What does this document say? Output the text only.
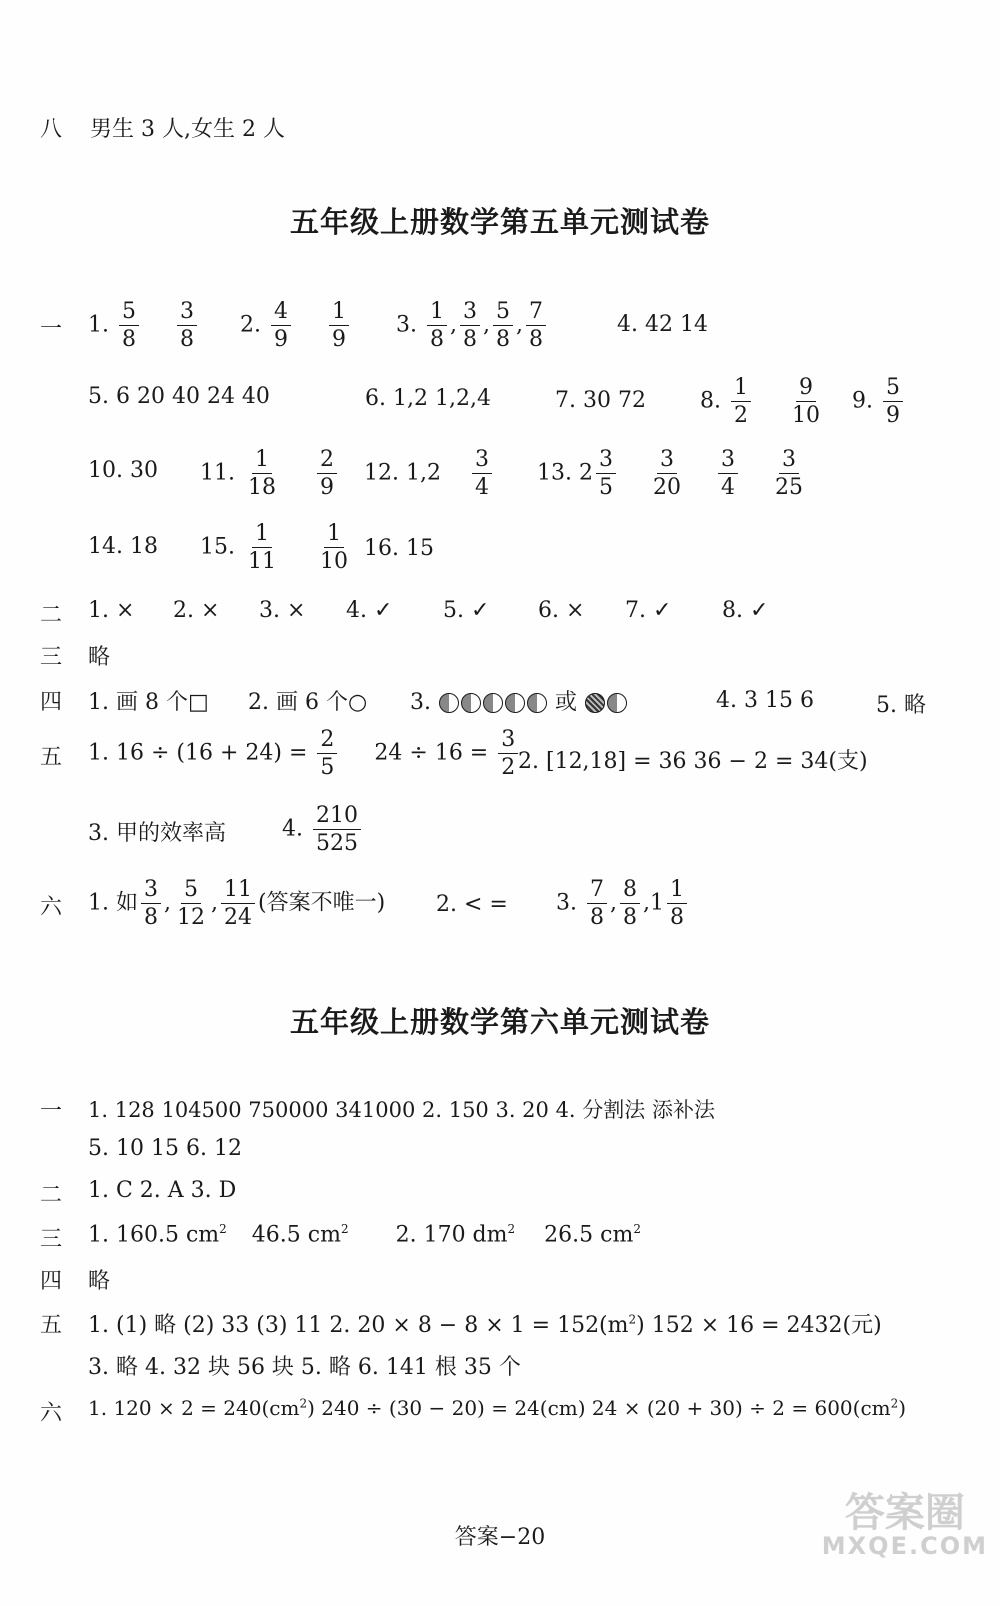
八 男生 3 人,女生 2 人
五年级上册数学第五单元测试卷
一 1. $\frac{5}{8}$
$\frac{3}{8} 2$. $\frac{4}{9}$
$\frac{1}{9} 3$. $\frac{1}{8}$ , $\frac{3}{8}$ , $\frac{5}{8}$ , $\frac{7}{8}$	4. 42 14
5. 6 20 40 24 40	6. 1,2 1,2,4	7. 30 72 8. $\frac{1}{2}$
$\frac{9}{10} 9$. $\frac{5}{9}$
10. 30 11. $\frac{1}{18}$
$\frac{2}{9} 12$. $1,2 \frac{3}{4} 13$. $2 \frac{3}{5}$
$\frac{3}{20}$
$\frac{3}{4}$
$\frac{3}{25}$
14. 18 15. $\frac{1}{11}$
$\frac{1}{10} 16$. 15
二 1. × 2. × 3. × 4. ✓ 5. ✓ 6. × 7. ✓ 8. ✓
三 略
四 1. 画 8 个□ 2. 画 6 个○ 3.	或	4. 3 15 6	5. 略
五 1. $16 \div (16 + 24) = \frac{2}{5} 24 \div 16 = \frac{3}{2} 2$. [12,18] = 36 36 − 2 = 34(支)
3. 甲的效率高	4. $\frac{210}{525}$
六 1. 如 $\frac{3}{8}$ , $\frac{5}{12}$ , $\frac{11}{24}$ (答案不唯一) 2. < = 3. $\frac{7}{8}$ , $\frac{8}{8} ,1 \frac{1}{8}$
五年级上册数学第六单元测试卷
一 1. 128 104500 750000 341000 2. 150 3. 20 4. 分割法 添补法
5. 10 15 6. 12
二 1. C 2. A 3. D
三 1. 160.5 $cm^2$ 46.5 $cm^2$ 2. 170 $dm^2$ 26.5 $cm^2$
四 略
五 1. (1) 略 (2) 33 (3) 11 2. $20 \times 8 - 8 \times 1 = 152(m^2) 152 \times 16 = 2432$(元)
3. 略 4. 32 块 56 块 5. 略 6. 141 根 35 个
六 1. $120 \times 2 = 240(cm^2) 240 \div (30 - 20) = 24(cm) 24 \times (20 + 30) \div 2 = 600(cm^2)$
答案−20
答案圈
MXQE.COM
